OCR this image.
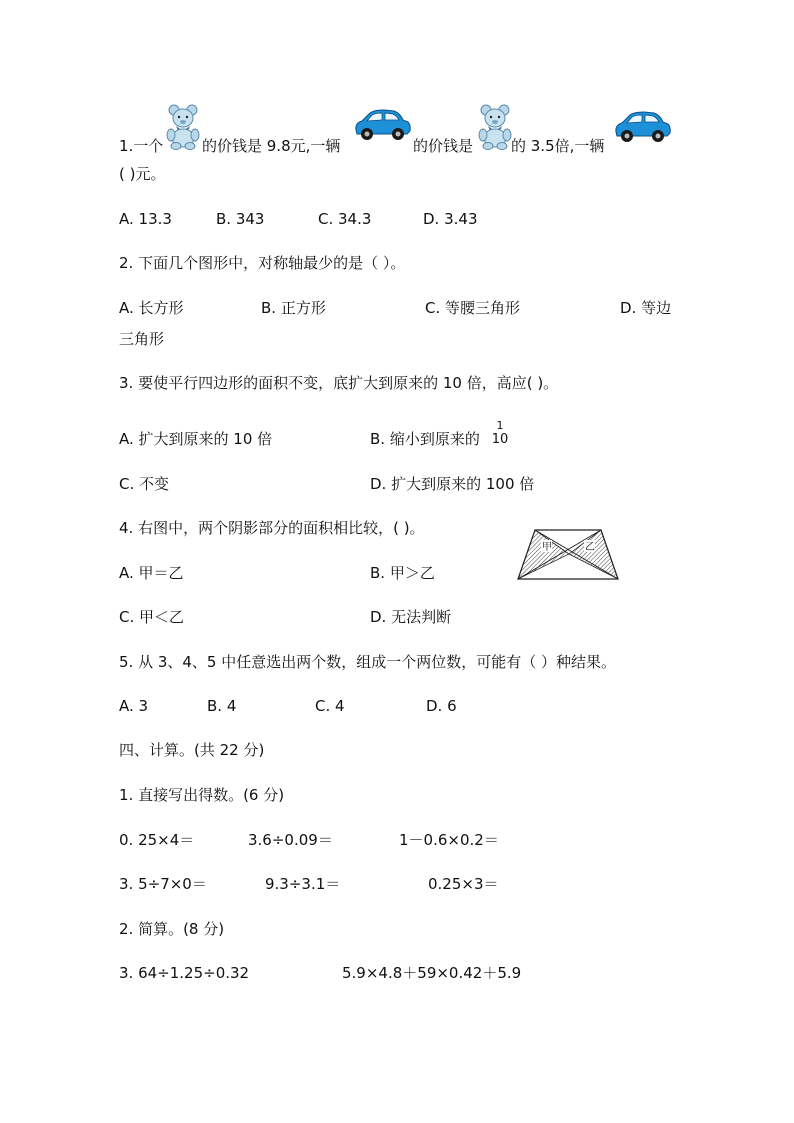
1.一个	的价钱是 9.8元,一辆	的价钱是	的 3.5倍,一辆
( )元。
A. 13.3	B. 343	C. 34.3	D. 3.43
2. 下面几个图形中，对称轴最少的是（ ）。
A. 长方形	B. 正方形	C. 等腰三角形	D. 等边
三角形
3. 要使平行四边形的面积不变，底扩大到原来的 10 倍，高应( )。
A. 扩大到原来的 10 倍	B. 缩小到原来的
1
10
C. 不变	D. 扩大到原来的 100 倍
4. 右图中，两个阴影部分的面积相比较，( )。
甲	乙
A. 甲＝乙	B. 甲＞乙
C. 甲＜乙	D. 无法判断
5. 从 3、4、5 中任意选出两个数，组成一个两位数，可能有（ ）种结果。
A. 3	B. 4	C. 4	D. 6
四、计算。(共 22 分)
1. 直接写出得数。(6 分)
0. 25×4＝	3.6÷0.09＝	1－0.6×0.2＝
3. 5÷7×0＝	9.3÷3.1＝	0.25×3＝
2. 简算。(8 分)
3. 64÷1.25÷0.32	5.9×4.8＋59×0.42＋5.9
